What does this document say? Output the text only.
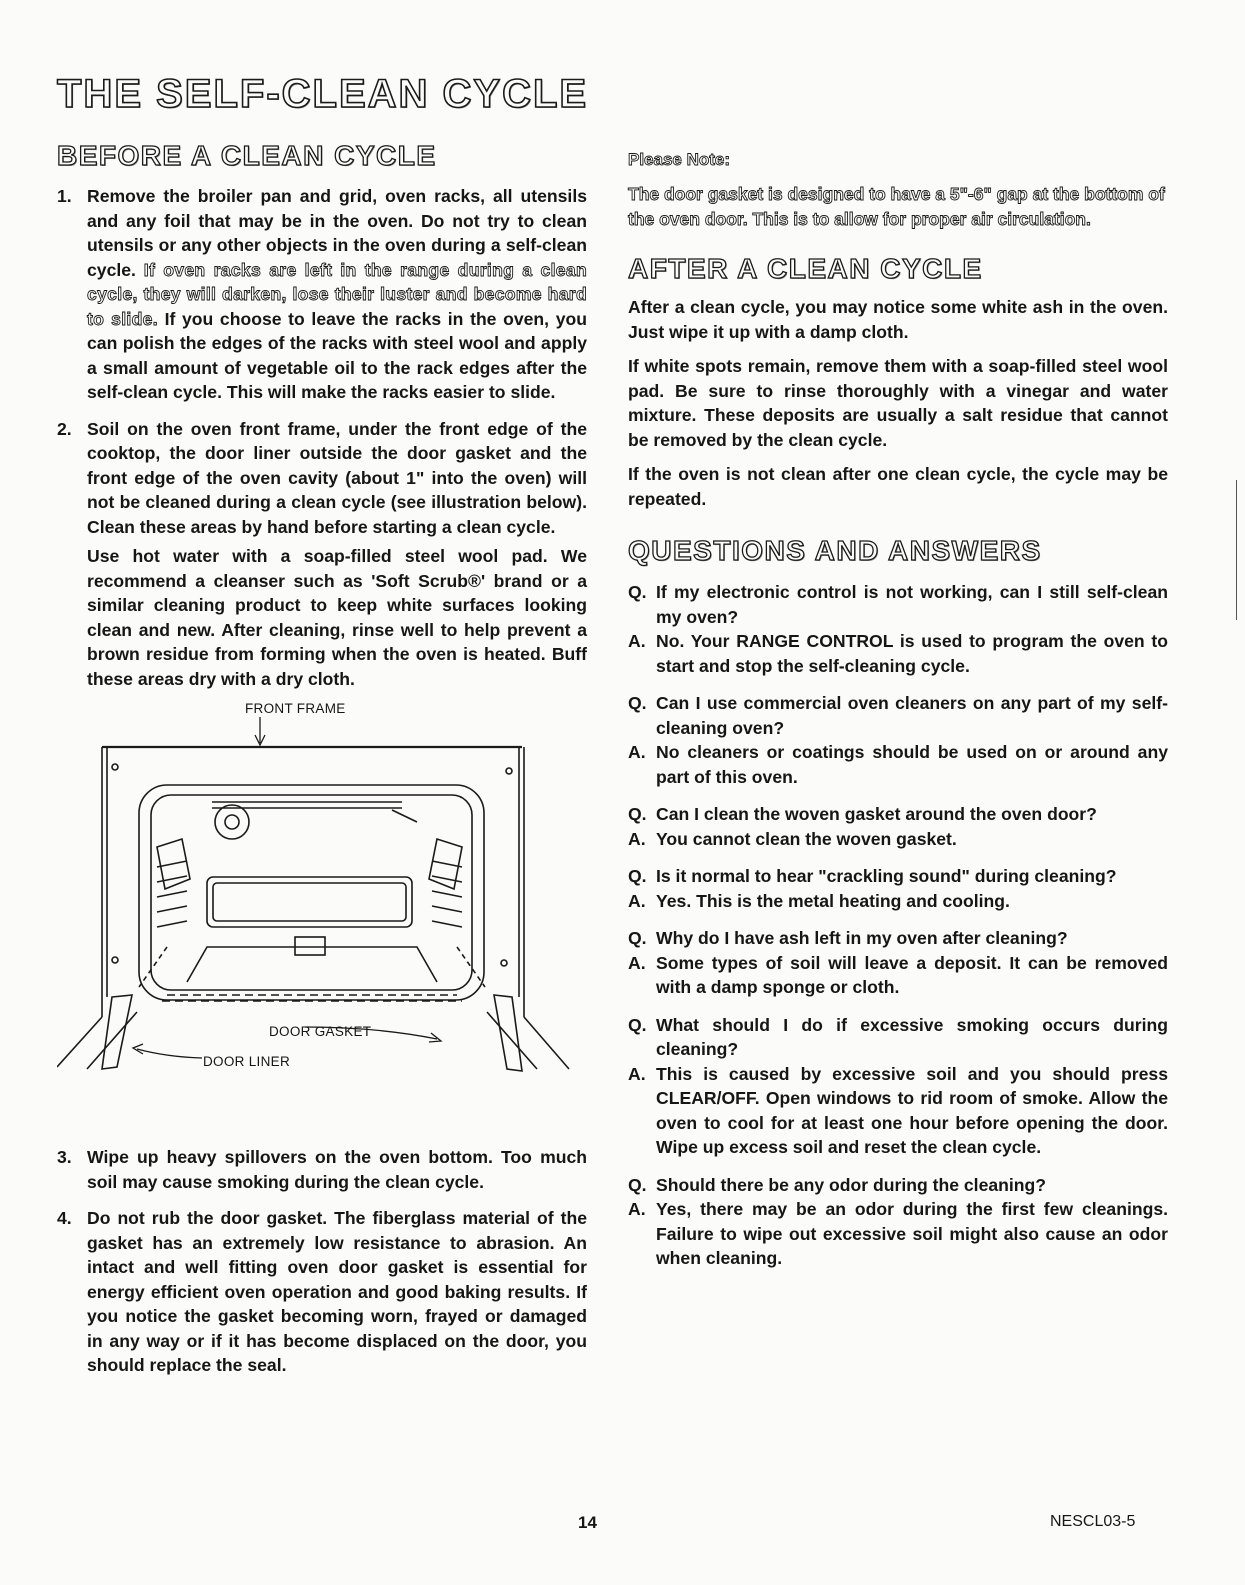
THE SELF-CLEAN CYCLE
BEFORE A CLEAN CYCLE
1. Remove the broiler pan and grid, oven racks, all utensils and any foil that may be in the oven. Do not try to clean utensils or any other objects in the oven during a self-clean cycle. If oven racks are left in the range during a clean cycle, they will darken, lose their luster and become hard to slide. If you choose to leave the racks in the oven, you can polish the edges of the racks with steel wool and apply a small amount of vegetable oil to the rack edges after the self-clean cycle. This will make the racks easier to slide.
2. Soil on the oven front frame, under the front edge of the cooktop, the door liner outside the door gasket and the front edge of the oven cavity (about 1" into the oven) will not be cleaned during a clean cycle (see illustration below). Clean these areas by hand before starting a clean cycle.

Use hot water with a soap-filled steel wool pad. We recommend a cleanser such as 'Soft Scrub®' brand or a similar cleaning product to keep white surfaces looking clean and new. After cleaning, rinse well to help prevent a brown residue from forming when the oven is heated. Buff these areas dry with a dry cloth.

FRONT FRAME
DOOR GASKET
DOOR LINER
3. Wipe up heavy spillovers on the oven bottom. Too much soil may cause smoking during the clean cycle.
4. Do not rub the door gasket. The fiberglass material of the gasket has an extremely low resistance to abrasion. An intact and well fitting oven door gasket is essential for energy efficient oven operation and good baking results. If you notice the gasket becoming worn, frayed or damaged in any way or if it has become displaced on the door, you should replace the seal.

Please Note:

The door gasket is designed to have a 5"-6" gap at the bottom of the oven door. This is to allow for proper air circulation.

AFTER A CLEAN CYCLE

After a clean cycle, you may notice some white ash in the oven. Just wipe it up with a damp cloth.

If white spots remain, remove them with a soap-filled steel wool pad. Be sure to rinse thoroughly with a vinegar and water mixture. These deposits are usually a salt residue that cannot be removed by the clean cycle.

If the oven is not clean after one clean cycle, the cycle may be repeated.

QUESTIONS AND ANSWERS
Q. If my electronic control is not working, can I still self-clean my oven?
A. No. Your RANGE CONTROL is used to program the oven to start and stop the self-cleaning cycle.
Q. Can I use commercial oven cleaners on any part of my self-cleaning oven?
A. No cleaners or coatings should be used on or around any part of this oven.
Q. Can I clean the woven gasket around the oven door?
A. You cannot clean the woven gasket.
Q. Is it normal to hear "crackling sound" during cleaning?
A. Yes. This is the metal heating and cooling.
Q. Why do I have ash left in my oven after cleaning?
A. Some types of soil will leave a deposit. It can be removed with a damp sponge or cloth.
Q. What should I do if excessive smoking occurs during cleaning?
A. This is caused by excessive soil and you should press CLEAR/OFF. Open windows to rid room of smoke. Allow the oven to cool for at least one hour before opening the door. Wipe up excess soil and reset the clean cycle.
Q. Should there be any odor during the cleaning?
A. Yes, there may be an odor during the first few cleanings. Failure to wipe out excessive soil might also cause an odor when cleaning.
14	NESCL03-5
